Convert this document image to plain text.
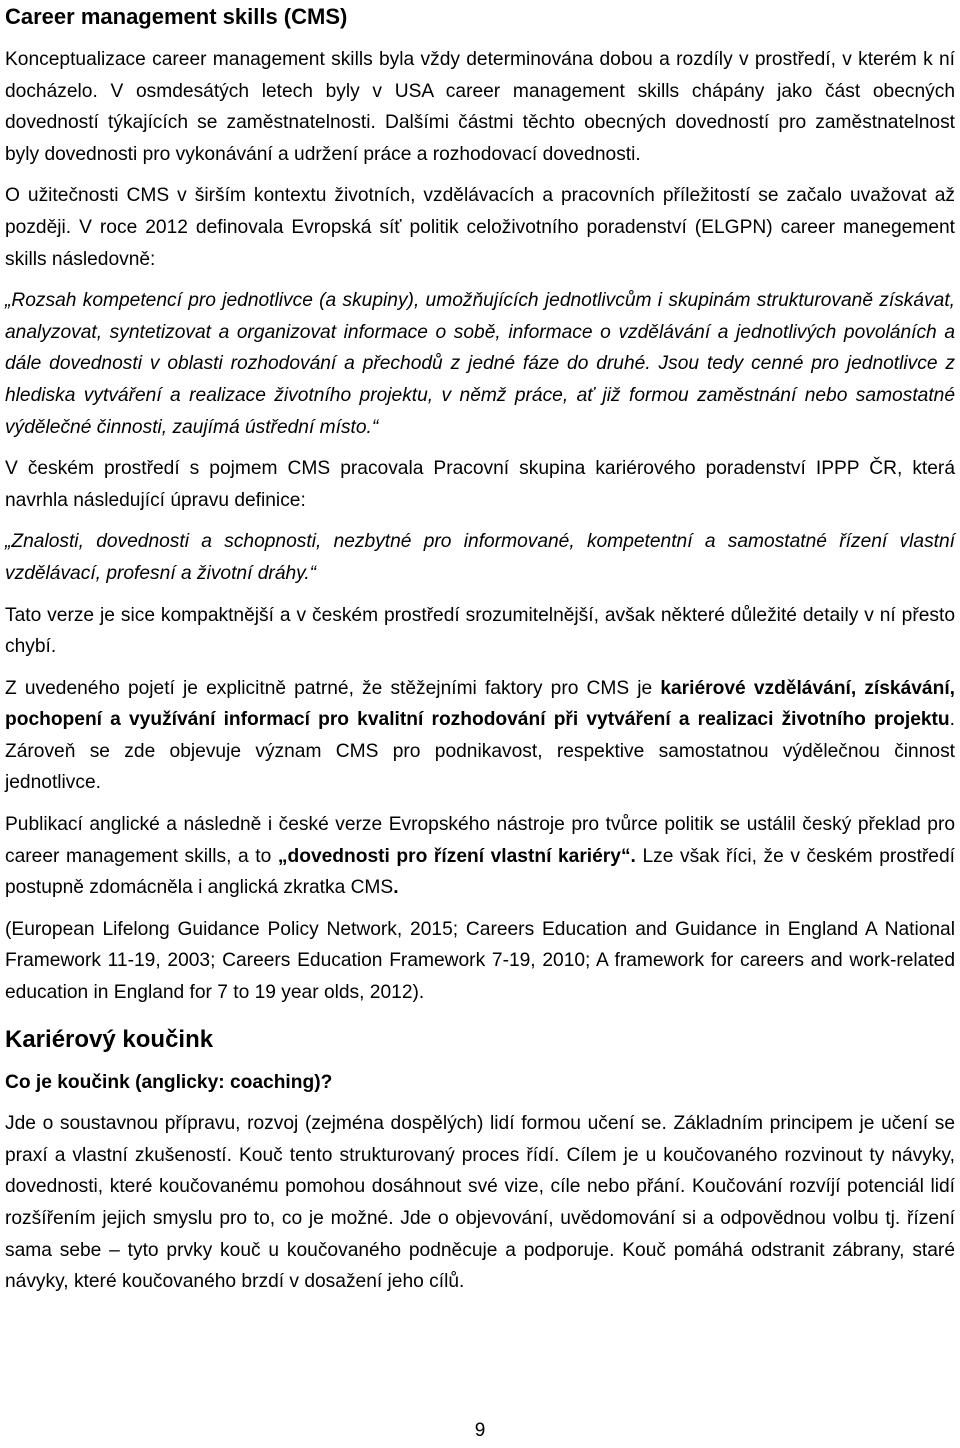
Career management skills (CMS)

Konceptualizace career management skills byla vždy determinována dobou a rozdíly v prostředí, v kterém k ní docházelo. V osmdesátých letech byly v USA career management skills chápány jako část obecných dovedností týkajících se zaměstnatelnosti. Dalšími částmi těchto obecných dovedností pro zaměstnatelnost byly dovednosti pro vykonávání a udržení práce a rozhodovací dovednosti.

O užitečnosti CMS v širším kontextu životních, vzdělávacích a pracovních příležitostí se začalo uvažovat až později. V roce 2012 definovala Evropská síť politik celoživotního poradenství (ELGPN) career manegement skills následovně:

„Rozsah kompetencí pro jednotlivce (a skupiny), umožňujících jednotlivcům i skupinám strukturovaně získávat, analyzovat, syntetizovat a organizovat informace o sobě, informace o vzdělávání a jednotlivých povoláních a dále dovednosti v oblasti rozhodování a přechodů z jedné fáze do druhé. Jsou tedy cenné pro jednotlivce z hlediska vytváření a realizace životního projektu, v němž práce, ať již formou zaměstnání nebo samostatné výdělečné činnosti, zaujímá ústřední místo.“

V českém prostředí s pojmem CMS pracovala Pracovní skupina kariérového poradenství IPPP ČR, která navrhla následující úpravu definice:

„Znalosti, dovednosti a schopnosti, nezbytné pro informované, kompetentní a samostatné řízení vlastní vzdělávací, profesní a životní dráhy.“

Tato verze je sice kompaktnější a v českém prostředí srozumitelnější, avšak některé důležité detaily v ní přesto chybí.

Z uvedeného pojetí je explicitně patrné, že stěžejními faktory pro CMS je kariérové vzdělávání, získávání, pochopení a využívání informací pro kvalitní rozhodování při vytváření a realizaci životního projektu. Zároveň se zde objevuje význam CMS pro podnikavost, respektive samostatnou výdělečnou činnost jednotlivce.

Publikací anglické a následně i české verze Evropského nástroje pro tvůrce politik se ustálil český překlad pro career management skills, a to „dovednosti pro řízení vlastní kariéry“. Lze však říci, že v českém prostředí postupně zdomácněla i anglická zkratka CMS.

(European Lifelong Guidance Policy Network, 2015; Careers Education and Guidance in England A National Framework 11-19, 2003; Careers Education Framework 7-19, 2010; A framework for careers and work-related education in England for 7 to 19 year olds, 2012).

Kariérový koučink

Co je koučink (anglicky: coaching)?

Jde o soustavnou přípravu, rozvoj (zejména dospělých) lidí formou učení se. Základním principem je učení se praxí a vlastní zkušeností. Kouč tento strukturovaný proces řídí. Cílem je u koučovaného rozvinout ty návyky, dovednosti, které koučovanému pomohou dosáhnout své vize, cíle nebo přání. Koučování rozvíjí potenciál lidí rozšířením jejich smyslu pro to, co je možné. Jde o objevování, uvědomování si a odpovědnou volbu tj. řízení sama sebe – tyto prvky kouč u koučovaného podněcuje a podporuje. Kouč pomáhá odstranit zábrany, staré návyky, které koučovaného brzdí v dosažení jeho cílů.

9
